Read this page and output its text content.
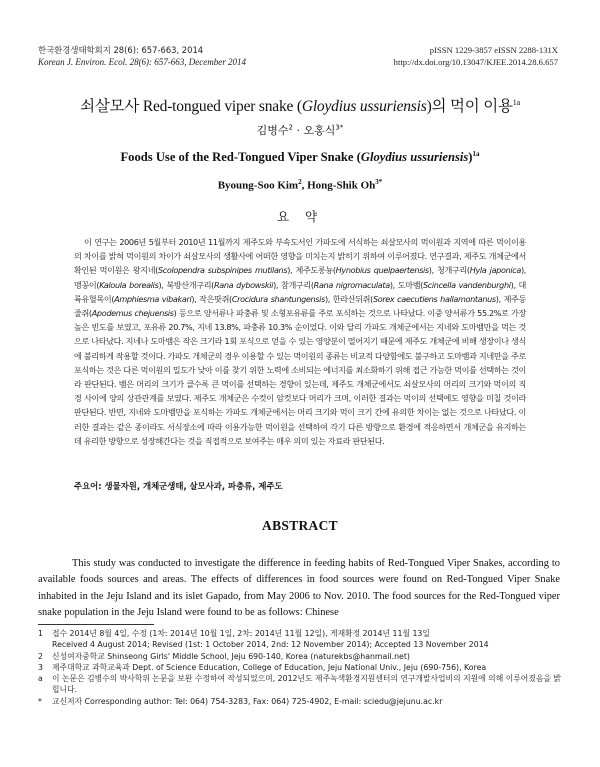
한국환경생태학회지 28(6): 657-663, 2014
Korean J. Environ. Ecol. 28(6): 657-663, December 2014
pISSN 1229-3857 eISSN 2288-131X
http://dx.doi.org/10.13047/KJEE.2014.28.6.657
쇠살모사 Red-tongued viper snake (Gloydius ussuriensis)의 먹이 이용$^{1a}$
김병수$^2$ · 오홍식$^{3*}$
Foods Use of the Red-Tongued Viper Snake (Gloydius ussuriensis)$^{1a}$
Byoung-Soo Kim$^2$, Hong-Shik $Oh^{3*}$
요 약
이 연구는 2006년 5월부터 2010년 11월까지 제주도와 부속도서인 가파도에 서식하는 쇠살모사의 먹이원과 지역에 따른 먹이이용의 차이를 밝혀 먹이원의 차이가 쇠살모사의 생활사에 어떠한 영향을 미치는지 밝히기 위하여 이루어졌다. 연구결과, 제주도 개체군에서 확인된 먹이원은 왕지네(Scolopendra subspinipes mutilans), 제주도롱뇽(Hynobius quelpaertensis), 청개구리(Hyla japonica), 맹꽁이(Kaloula borealis), 북방산개구리(Rana dybowskii), 참개구리(Rana nigromaculata), 도마뱀(Scincella vandenburghi), 대륙유혈목이(Amphiesma vibakari), 작은땃쥐(Crocidura shantungensis), 한라산뒤쥐(Sorex caecutiens hallamontanus), 제주등줄쥐(Apodemus chejuensis) 등으로 양서류나 파충류 및 소형포유류를 주로 포식하는 것으로 나타났다. 이중 양서류가 55.2%로 가장 높은 빈도를 보였고, 포유류 20.7%, 지네 13.8%, 파충류 10.3% 순이었다. 이와 달리 가파도 개체군에서는 지네와 도마뱀만을 먹는 것으로 나타났다. 지네나 도마뱀은 작은 크기라 1회 포식으로 얻을 수 있는 영양분이 떨어지기 때문에 제주도 개체군에 비해 생장이나 생식에 불리하게 작용할 것이다. 가파도 개체군의 경우 이용할 수 있는 먹이원의 종류는 비교적 다양함에도 불구하고 도마뱀과 지네만을 주로 포식하는 것은 다른 먹이원의 밀도가 낮아 이를 찾기 위한 노력에 소비되는 에너지를 최소화하기 위해 접근 가능한 먹이를 선택하는 것이라 판단된다. 뱀은 머리의 크기가 클수록 큰 먹이를 선택하는 경향이 있는데, 제주도 개체군에서도 쇠살모사의 머리의 크기와 먹이의 직경 사이에 양의 상관관계를 보였다. 제주도 개체군은 수컷이 암컷보다 머리가 크며, 이러한 결과는 먹이의 선택에도 영향을 미칠 것이라 판단된다. 반면, 지네와 도마뱀만을 포식하는 가파도 개체군에서는 머리 크기와 먹이 크기 간에 유의한 차이는 없는 것으로 나타났다. 이러한 결과는 같은 종이라도 서식장소에 따라 이용가능한 먹이원을 선택하여 각기 다른 방향으로 환경에 적응하면서 개체군을 유지하는 데 유리한 방향으로 성장해간다는 것을 직접적으로 보여주는 매우 의미 있는 자료라 판단된다.
주요어: 생물자원, 개체군생태, 살모사과, 파충류, 제주도
ABSTRACT
This study was conducted to investigate the difference in feeding habits of Red-Tongued Viper Snakes, according to available foods sources and areas. The effects of differences in food sources were found on Red-Tongued Viper Snake inhabited in the Jeju Island and its islet Gapado, from May 2006 to Nov. 2010. The food sources for the Red-Tongued viper snake population in the Jeju Island were found to be as follows: Chinese
1 접수 2014년 8월 4일, 수정 (1차: 2014년 10월 1일, 2차: 2014년 11월 12일), 게재확정 2014년 11월 13일
Received 4 August 2014; Revised (1st: 1 October 2014, 2nd: 12 November 2014); Accepted 13 November 2014
2 신성여자중학교 Shinseong Girls' Middle School, Jeju 690-140, Korea (naturekbs@hanmail.net)
3 제주대학교 과학교육과 Dept. of Science Education, College of Education, Jeju National Univ., Jeju (690-756), Korea
a 이 논문은 김병수의 박사학위 논문을 보완 수정하여 작성되었으며, 2012년도 제주녹색환경지원센터의 연구개발사업비의 지원에 의해 이루어졌음을 밝힙니다.
* 교신저자 Corresponding author: Tel: 064) 754-3283, Fax: 064) 725-4902, E-mail: sciedu@jejunu.ac.kr
